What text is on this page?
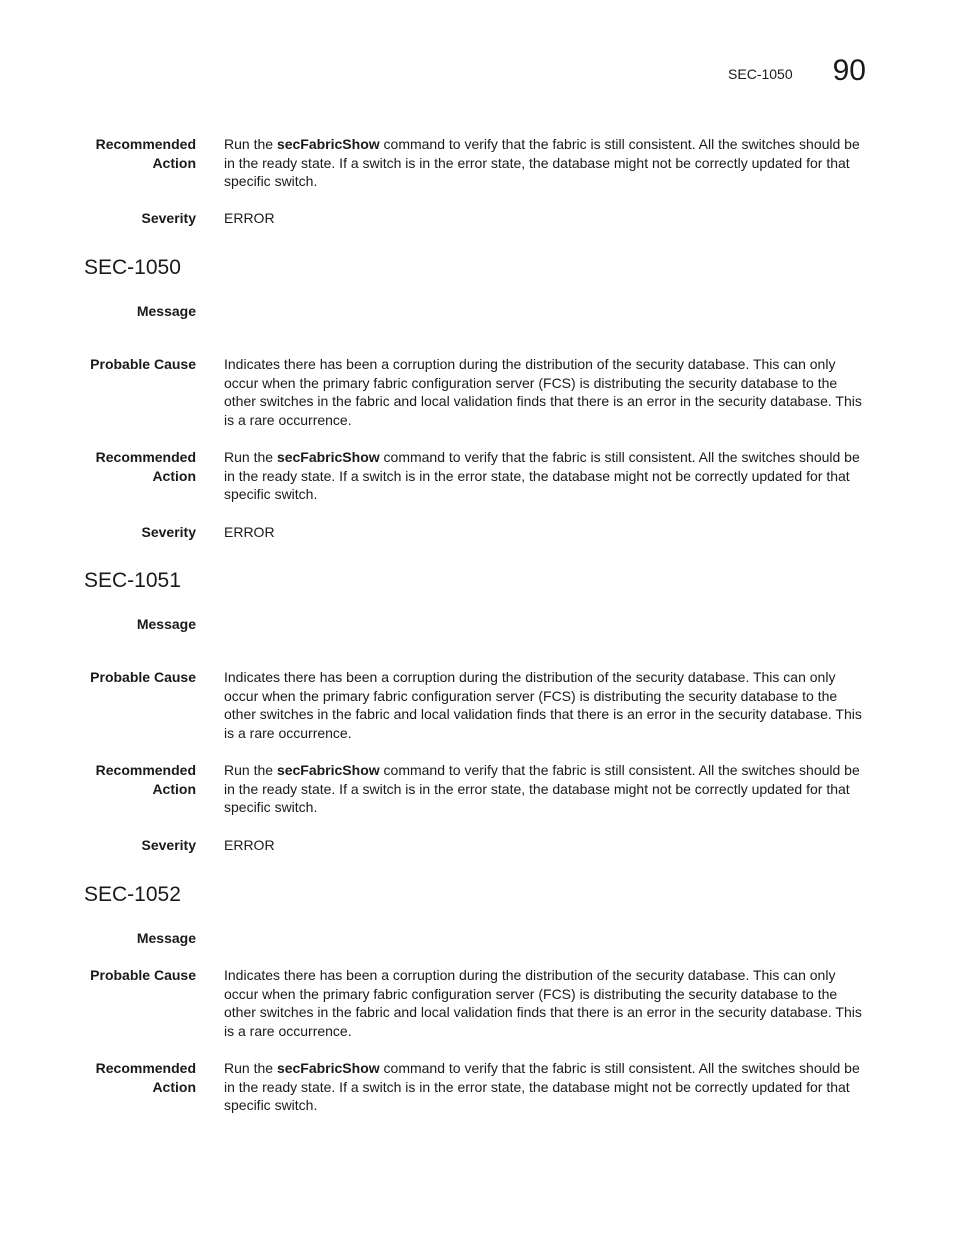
SEC-1050 90
Recommended
Action
Run the secFabricShow command to verify that the fabric is still consistent. All the switches should be in the ready state. If a switch is in the error state, the database might not be correctly updated for that specific switch.
Severity ERROR
SEC-1050
Message
Probable Cause Indicates there has been a corruption during the distribution of the security database. This can only occur when the primary fabric configuration server (FCS) is distributing the security database to the other switches in the fabric and local validation finds that there is an error in the security database. This is a rare occurrence.
Recommended
Action
Run the secFabricShow command to verify that the fabric is still consistent. All the switches should be in the ready state. If a switch is in the error state, the database might not be correctly updated for that specific switch.
Severity ERROR
SEC-1051
Message
Probable Cause Indicates there has been a corruption during the distribution of the security database. This can only occur when the primary fabric configuration server (FCS) is distributing the security database to the other switches in the fabric and local validation finds that there is an error in the security database. This is a rare occurrence.
Recommended
Action
Run the secFabricShow command to verify that the fabric is still consistent. All the switches should be in the ready state. If a switch is in the error state, the database might not be correctly updated for that specific switch.
Severity ERROR
SEC-1052
Message
Probable Cause Indicates there has been a corruption during the distribution of the security database. This can only occur when the primary fabric configuration server (FCS) is distributing the security database to the other switches in the fabric and local validation finds that there is an error in the security database. This is a rare occurrence.
Recommended
Action
Run the secFabricShow command to verify that the fabric is still consistent. All the switches should be in the ready state. If a switch is in the error state, the database might not be correctly updated for that specific switch.
